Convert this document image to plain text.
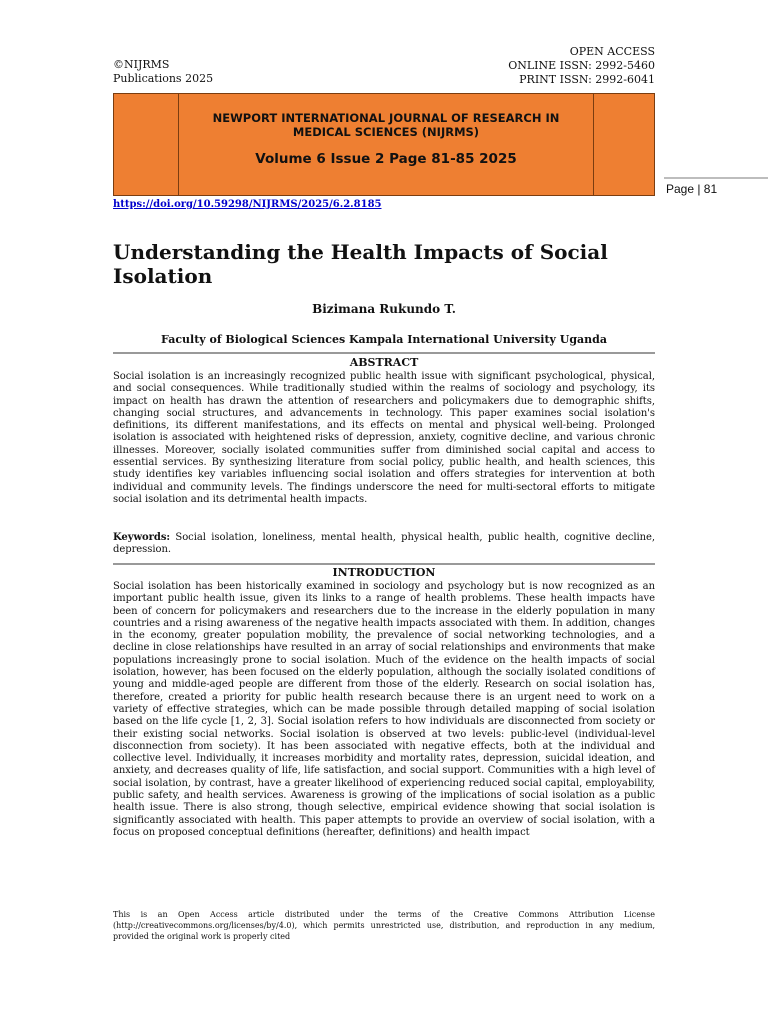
©NIJRMS
Publications 2025
OPEN ACCESS
ONLINE ISSN: 2992-5460
PRINT ISSN: 2992-6041
NEWPORT INTERNATIONAL JOURNAL OF RESEARCH IN MEDICAL SCIENCES (NIJRMS)
Volume 6 Issue 2 Page 81-85 2025
Page | 81
https://doi.org/10.59298/NIJRMS/2025/6.2.8185
Understanding the Health Impacts of Social Isolation
Bizimana Rukundo T.
Faculty of Biological Sciences Kampala International University Uganda
ABSTRACT
Social isolation is an increasingly recognized public health issue with significant psychological, physical, and social consequences. While traditionally studied within the realms of sociology and psychology, its impact on health has drawn the attention of researchers and policymakers due to demographic shifts, changing social structures, and advancements in technology. This paper examines social isolation's definitions, its different manifestations, and its effects on mental and physical well-being. Prolonged isolation is associated with heightened risks of depression, anxiety, cognitive decline, and various chronic illnesses. Moreover, socially isolated communities suffer from diminished social capital and access to essential services. By synthesizing literature from social policy, public health, and health sciences, this study identifies key variables influencing social isolation and offers strategies for intervention at both individual and community levels. The findings underscore the need for multi-sectoral efforts to mitigate social isolation and its detrimental health impacts.
Keywords: Social isolation, loneliness, mental health, physical health, public health, cognitive decline, depression.
INTRODUCTION
Social isolation has been historically examined in sociology and psychology but is now recognized as an important public health issue, given its links to a range of health problems. These health impacts have been of concern for policymakers and researchers due to the increase in the elderly population in many countries and a rising awareness of the negative health impacts associated with them. In addition, changes in the economy, greater population mobility, the prevalence of social networking technologies, and a decline in close relationships have resulted in an array of social relationships and environments that make populations increasingly prone to social isolation. Much of the evidence on the health impacts of social isolation, however, has been focused on the elderly population, although the socially isolated conditions of young and middle-aged people are different from those of the elderly. Research on social isolation has, therefore, created a priority for public health research because there is an urgent need to work on a variety of effective strategies, which can be made possible through detailed mapping of social isolation based on the life cycle [1, 2, 3]. Social isolation refers to how individuals are disconnected from society or their existing social networks. Social isolation is observed at two levels: public-level (individual-level disconnection from society). It has been associated with negative effects, both at the individual and collective level. Individually, it increases morbidity and mortality rates, depression, suicidal ideation, and anxiety, and decreases quality of life, life satisfaction, and social support. Communities with a high level of social isolation, by contrast, have a greater likelihood of experiencing reduced social capital, employability, public safety, and health services. Awareness is growing of the implications of social isolation as a public health issue. There is also strong, though selective, empirical evidence showing that social isolation is significantly associated with health. This paper attempts to provide an overview of social isolation, with a focus on proposed conceptual definitions (hereafter, definitions) and health impact
This is an Open Access article distributed under the terms of the Creative Commons Attribution License (http://creativecommons.org/licenses/by/4.0), which permits unrestricted use, distribution, and reproduction in any medium, provided the original work is properly cited
